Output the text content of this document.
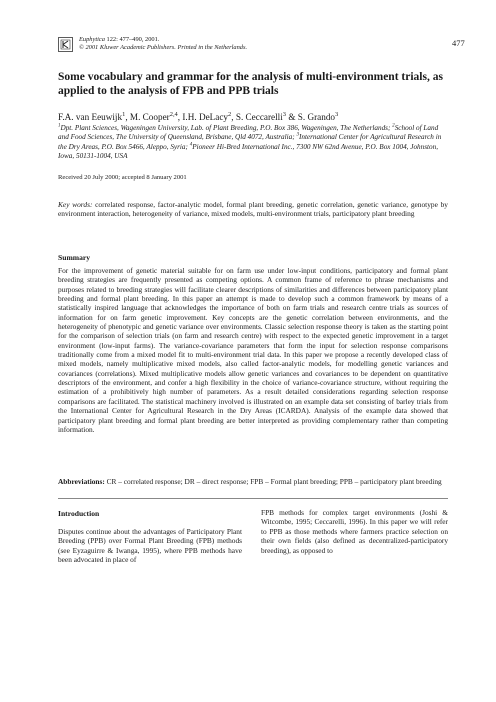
Euphytica 122: 477–490, 2001.
© 2001 Kluwer Academic Publishers. Printed in the Netherlands.	477
Some vocabulary and grammar for the analysis of multi-environment trials, as applied to the analysis of FPB and PPB trials
F.A. van Eeuwijk$^1$, M. Cooper$^{2,4}$, I.H. DeLacy$^2$, S. Ceccarelli$^3$ & S. Grando$^3$
$^1$Dpt. Plant Sciences, Wageningen University, Lab. of Plant Breeding, P.O. Box 386, Wageningen, The Netherlands; $^2$School of Land and Food Sciences, The University of Queensland, Brisbane, Qld 4072, Australia; $^3$International Center for Agricultural Research in the Dry Areas, P.O. Box 5466, Aleppo, Syria; $^4$Pioneer Hi-Bred International Inc., 7300 NW 62nd Avenue, P.O. Box 1004, Johnston, Iowa, 50131-1004, USA
Received 20 July 2000; accepted 8 January 2001
Key words: correlated response, factor-analytic model, formal plant breeding, genetic correlation, genetic variance, genotype by environment interaction, heterogeneity of variance, mixed models, multi-environment trials, participatory plant breeding
Summary
For the improvement of genetic material suitable for on farm use under low-input conditions, participatory and formal plant breeding strategies are frequently presented as competing options. A common frame of reference to phrase mechanisms and purposes related to breeding strategies will facilitate clearer descriptions of similarities and differences between participatory plant breeding and formal plant breeding. In this paper an attempt is made to develop such a common framework by means of a statistically inspired language that acknowledges the importance of both on farm trials and research centre trials as sources of information for on farm genetic improvement. Key concepts are the genetic correlation between environments, and the heterogeneity of phenotypic and genetic variance over environments. Classic selection response theory is taken as the starting point for the comparison of selection trials (on farm and research centre) with respect to the expected genetic improvement in a target environment (low-input farms). The variance-covariance parameters that form the input for selection response comparisons traditionally come from a mixed model fit to multi-environment trial data. In this paper we propose a recently developed class of mixed models, namely multiplicative mixed models, also called factor-analytic models, for modelling genetic variances and covariances (correlations). Mixed multiplicative models allow genetic variances and covariances to be dependent on quantitative descriptors of the environment, and confer a high flexibility in the choice of variance-covariance structure, without requiring the estimation of a prohibitively high number of parameters. As a result detailed considerations regarding selection response comparisons are facilitated. The statistical machinery involved is illustrated on an example data set consisting of barley trials from the International Center for Agricultural Research in the Dry Areas (ICARDA). Analysis of the example data showed that participatory plant breeding and formal plant breeding are better interpreted as providing complementary rather than competing information.
Abbreviations: CR – correlated response; DR – direct response; FPB – Formal plant breeding; PPB – participatory plant breeding
Introduction
Disputes continue about the advantages of Participatory Plant Breeding (PPB) over Formal Plant Breeding (FPB) methods (see Eyzaguirre & Iwanga, 1995), where PPB methods have been advocated in place of
FPB methods for complex target environments (Joshi & Witcombe, 1995; Ceccarelli, 1996). In this paper we will refer to PPB as those methods where farmers practice selection on their own fields (also defined as decentralized-participatory breeding), as opposed to
